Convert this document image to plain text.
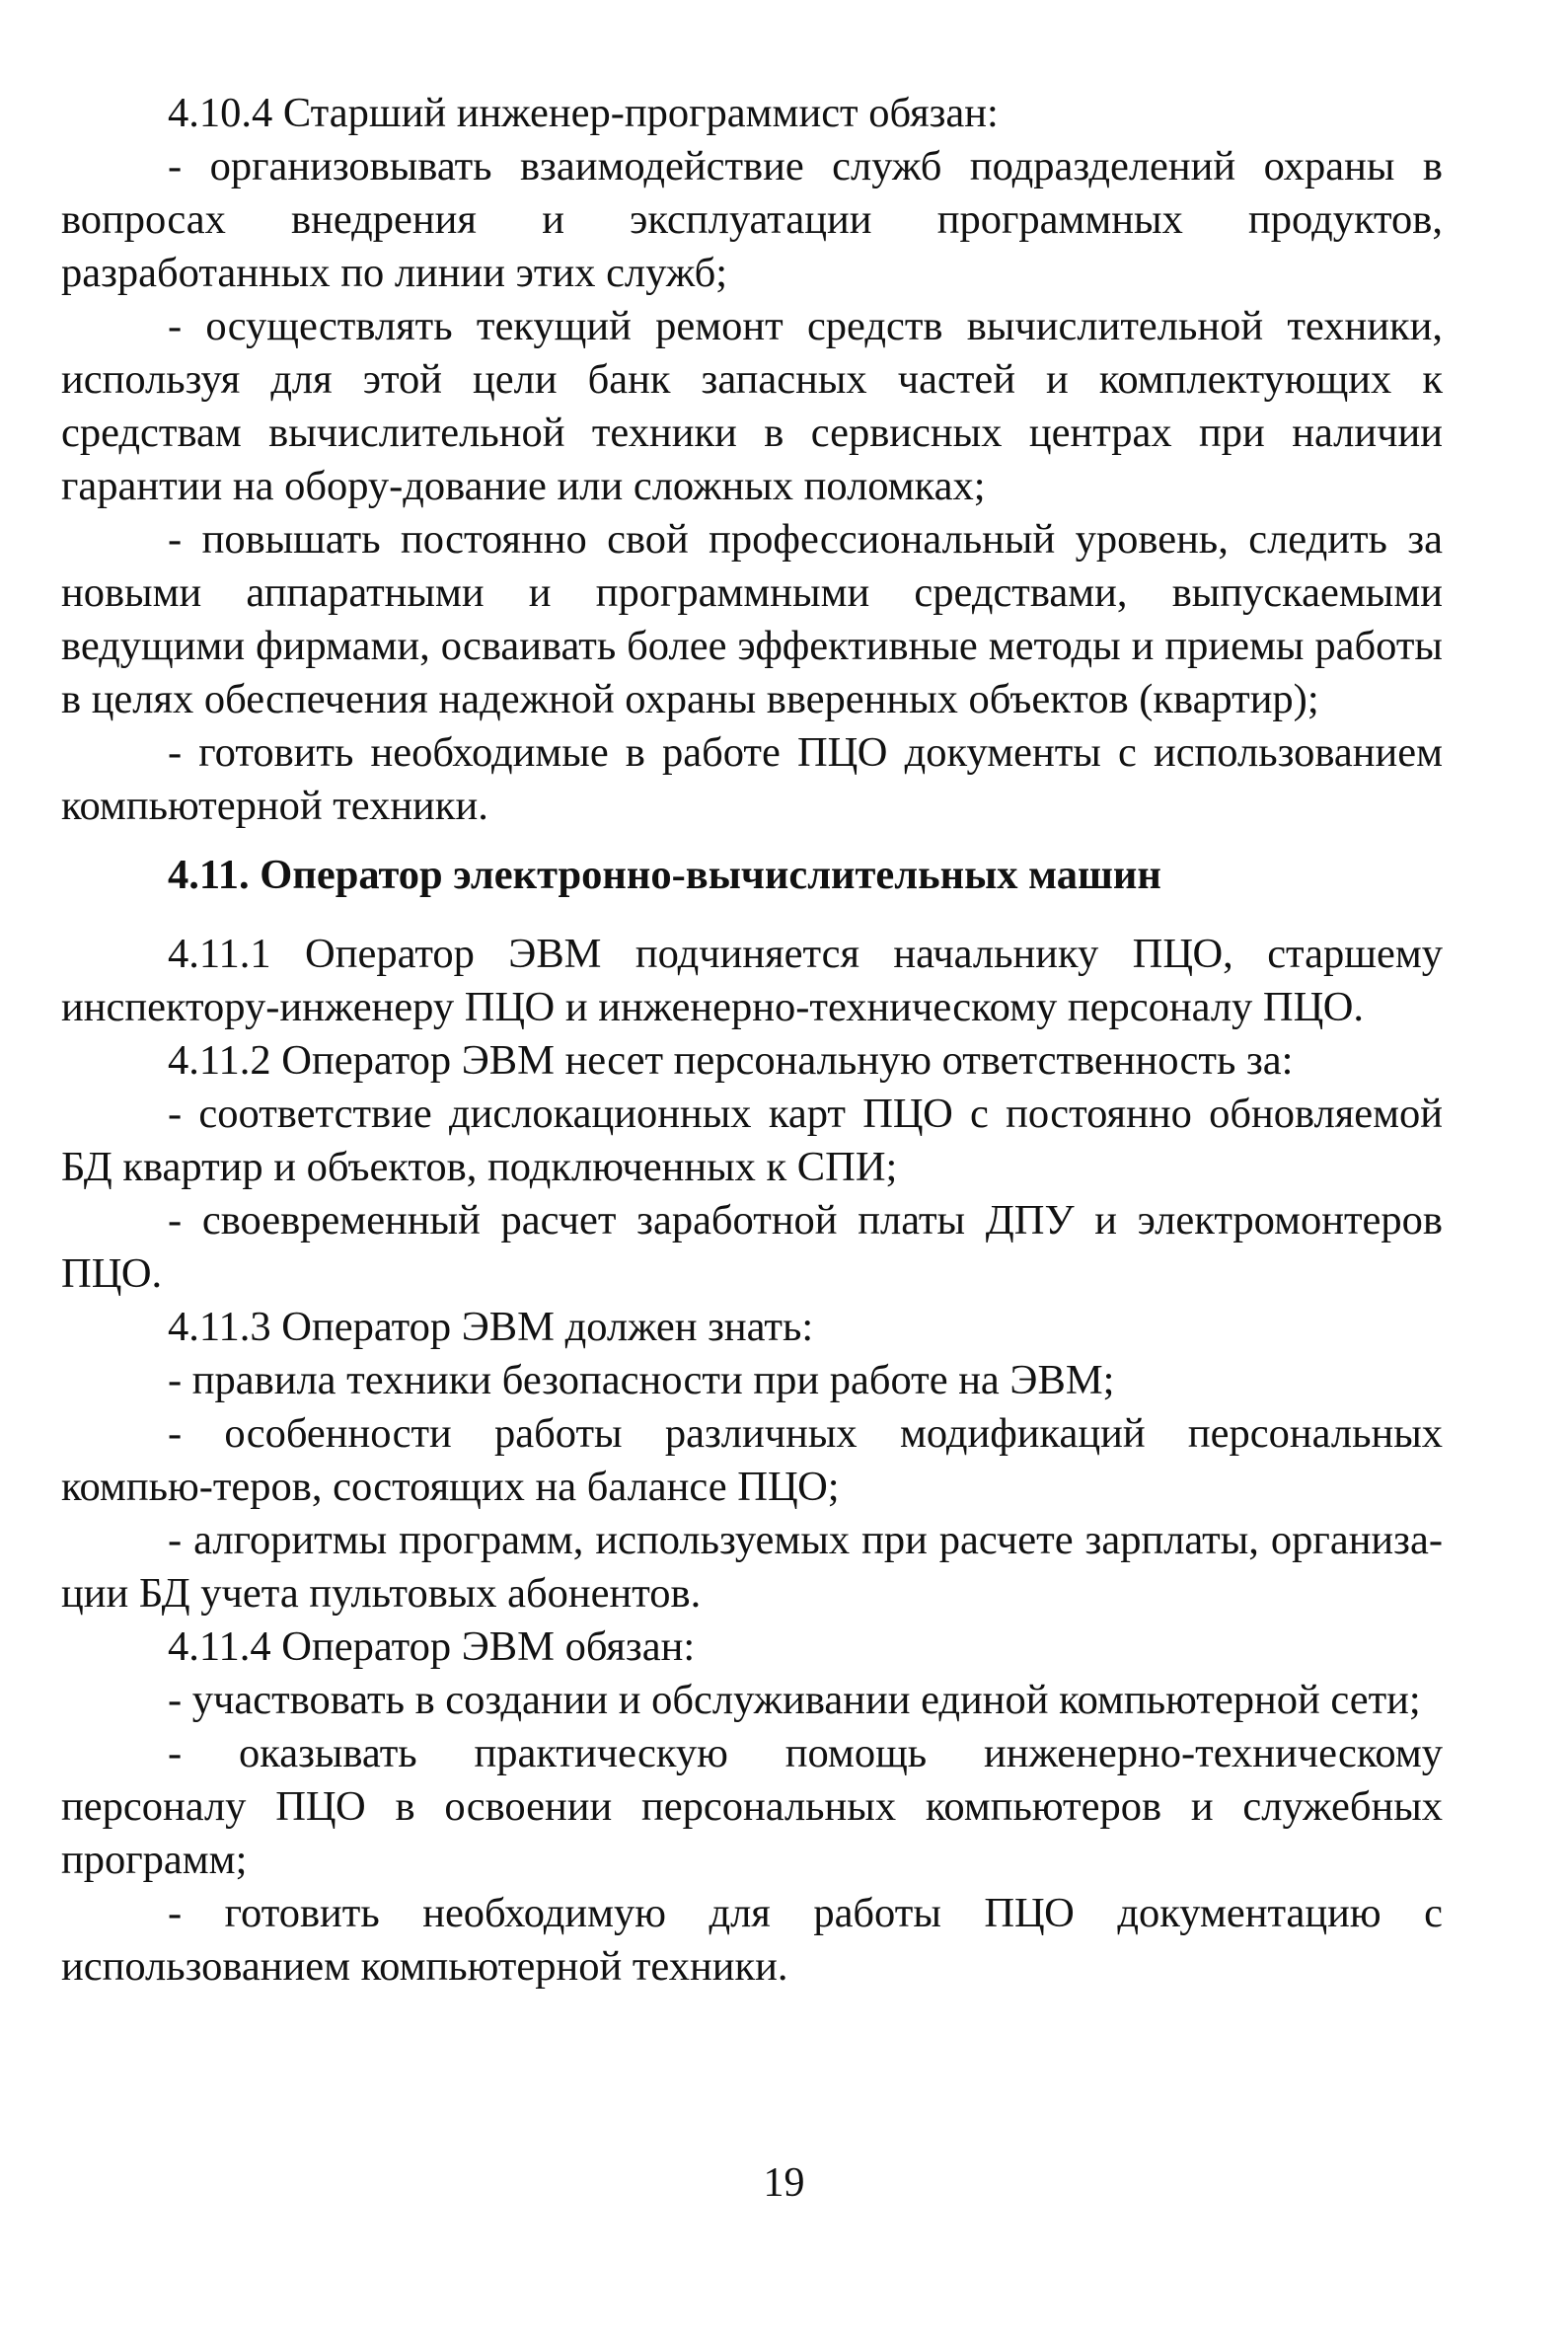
4.10.4 Старший инженер-программист обязан:

- организовывать взаимодействие служб подразделений охраны в вопросах внедрения и эксплуатации программных продуктов, разработанных по линии этих служб;

- осуществлять текущий ремонт средств вычислительной техники, используя для этой цели банк запасных частей и комплектующих к средствам вычислительной техники в сервисных центрах при наличии гарантии на обору-дование или сложных поломках;

- повышать постоянно свой профессиональный уровень, следить за новыми аппаратными и программными средствами, выпускаемыми ведущими фирмами, осваивать более эффективные методы и приемы работы в целях обеспечения надежной охраны вверенных объектов (квартир);

- готовить необходимые в работе ПЦО документы с использованием компьютерной техники.

4.11. Оператор электронно-вычислительных машин

4.11.1 Оператор ЭВМ подчиняется начальнику ПЦО, старшему инспектору-инженеру ПЦО и инженерно-техническому персоналу ПЦО.

4.11.2 Оператор ЭВМ несет персональную ответственность за:

- соответствие дислокационных карт ПЦО с постоянно обновляемой БД квартир и объектов, подключенных к СПИ;

- своевременный расчет заработной платы ДПУ и электромонтеров ПЦО.

4.11.3 Оператор ЭВМ должен знать:

- правила техники безопасности при работе на ЭВМ;

- особенности работы различных модификаций персональных компью-теров, состоящих на балансе ПЦО;

- алгоритмы программ, используемых при расчете зарплаты, организа-ции БД учета пультовых абонентов.

4.11.4 Оператор ЭВМ обязан:

- участвовать в создании и обслуживании единой компьютерной сети;

- оказывать практическую помощь инженерно-техническому персоналу ПЦО в освоении персональных компьютеров и служебных программ;

- готовить необходимую для работы ПЦО документацию с использованием компьютерной техники.

19
